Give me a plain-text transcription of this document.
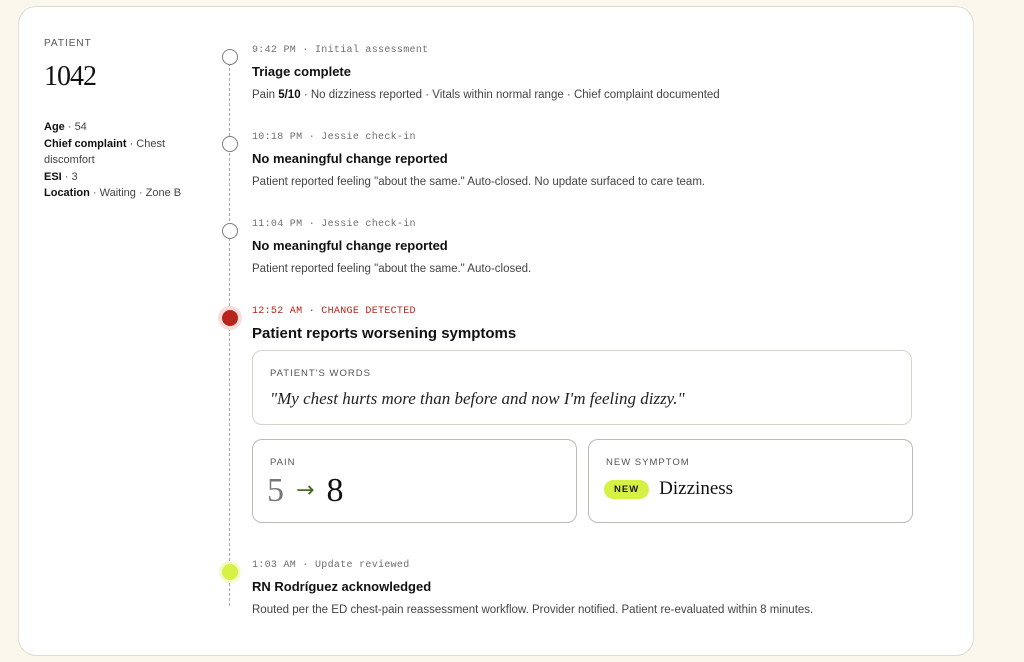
PATIENT
1042
Age · 54
Chief complaint · Chest discomfort
ESI · 3
Location · Waiting · Zone B
9:42 PM · Initial assessment
Triage complete
Pain 5/10 · No dizziness reported · Vitals within normal range · Chief complaint documented
10:18 PM · Jessie check-in
No meaningful change reported
Patient reported feeling "about the same." Auto-closed. No update surfaced to care team.
11:04 PM · Jessie check-in
No meaningful change reported
Patient reported feeling "about the same." Auto-closed.
12:52 AM · CHANGE DETECTED
Patient reports worsening symptoms
PATIENT'S WORDS
"My chest hurts more than before and now I'm feeling dizzy."
PAIN
5 → 8
NEW SYMPTOM
NEW	Dizziness
1:03 AM · Update reviewed
RN Rodríguez acknowledged
Routed per the ED chest-pain reassessment workflow. Provider notified. Patient re-evaluated within 8 minutes.
